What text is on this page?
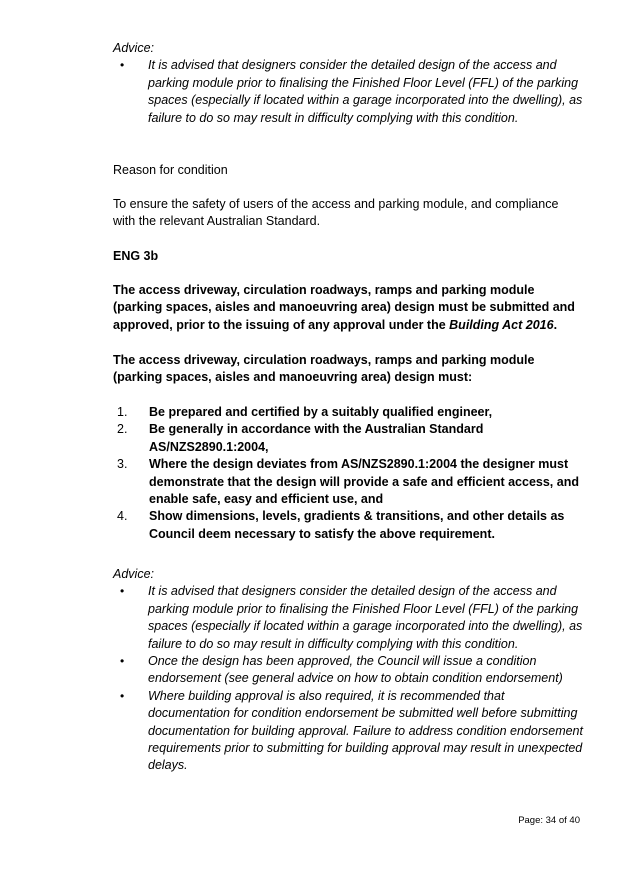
Advice:

• It is advised that designers consider the detailed design of the access and parking module prior to finalising the Finished Floor Level (FFL) of the parking spaces (especially if located within a garage incorporated into the dwelling), as failure to do so may result in difficulty complying with this condition.

Reason for condition

To ensure the safety of users of the access and parking module, and compliance with the relevant Australian Standard.

ENG 3b

The access driveway, circulation roadways, ramps and parking module (parking spaces, aisles and manoeuvring area) design must be submitted and approved, prior to the issuing of any approval under the Building Act 2016.

The access driveway, circulation roadways, ramps and parking module (parking spaces, aisles and manoeuvring area) design must:

1. Be prepared and certified by a suitably qualified engineer,
2. Be generally in accordance with the Australian Standard AS/NZS2890.1:2004,
3. Where the design deviates from AS/NZS2890.1:2004 the designer must demonstrate that the design will provide a safe and efficient access, and enable safe, easy and efficient use, and
4. Show dimensions, levels, gradients & transitions, and other details as Council deem necessary to satisfy the above requirement.

Advice:

• It is advised that designers consider the detailed design of the access and parking module prior to finalising the Finished Floor Level (FFL) of the parking spaces (especially if located within a garage incorporated into the dwelling), as failure to do so may result in difficulty complying with this condition.
• Once the design has been approved, the Council will issue a condition endorsement (see general advice on how to obtain condition endorsement)
• Where building approval is also required, it is recommended that documentation for condition endorsement be submitted well before submitting documentation for building approval. Failure to address condition endorsement requirements prior to submitting for building approval may result in unexpected delays.
Page: 34 of 40
